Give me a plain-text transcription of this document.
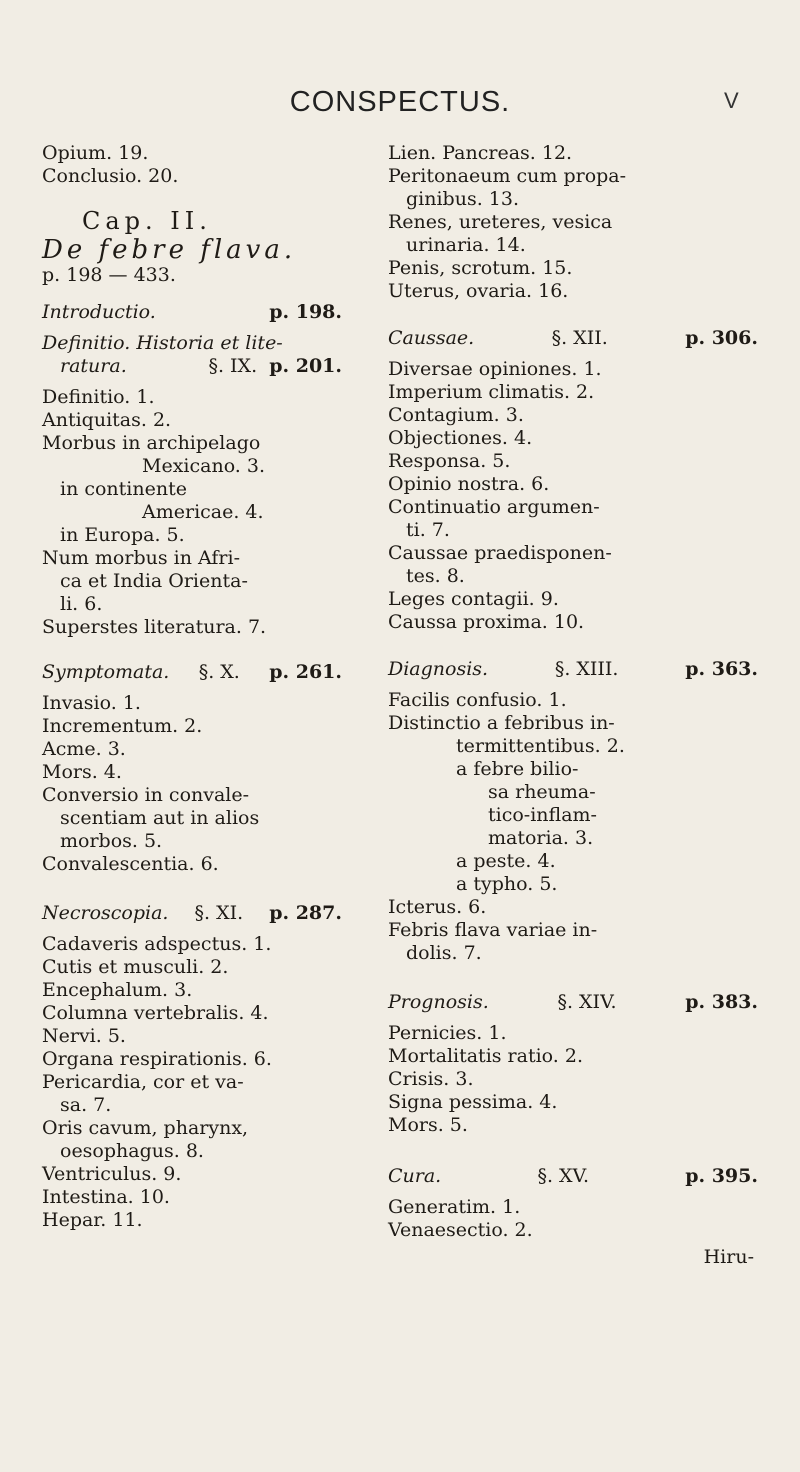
CONSPECTUS.	V
Opium. 19.
Conclusio. 20.
Cap. II.
De febre flava.
p. 198 — 433.
Introductio.	p. 198.
Definitio. Historia et lite-
ratura.	§. IX. p. 201.
Definitio. 1.
Antiquitas. 2.
Morbus in archipelago
Mexicano. 3.
in continente
Americae. 4.
in Europa. 5.
Num morbus in Afri-
ca et India Orienta-
li. 6.
Superstes literatura. 7.
Symptomata. §. X. p. 261.
Invasio. 1.
Incrementum. 2.
Acme. 3.
Mors. 4.
Conversio in convale-
scentiam aut in alios
morbos. 5.
Convalescentia. 6.
Necroscopia. §. XI. p. 287.
Cadaveris adspectus. 1.
Cutis et musculi. 2.
Encephalum. 3.
Columna vertebralis. 4.
Nervi. 5.
Organa respirationis. 6.
Pericardia, cor et va-
sa. 7.
Oris cavum, pharynx,
oesophagus. 8.
Ventriculus. 9.
Intestina. 10.
Hepar. 11.
Lien. Pancreas. 12.
Peritonaeum cum propa-
ginibus. 13.
Renes, ureteres, vesica
urinaria. 14.
Penis, scrotum. 15.
Uterus, ovaria. 16.
Caussae.	§. XII.	p. 306.
Diversae opiniones. 1.
Imperium climatis. 2.
Contagium. 3.
Objectiones. 4.
Responsa. 5.
Opinio nostra. 6.
Continuatio argumen-
ti. 7.
Caussae praedisponen-
tes. 8.
Leges contagii. 9.
Caussa proxima. 10.
Diagnosis.	§. XIII.	p. 363.
Facilis confusio. 1.
Distinctio a febribus in-
termittentibus. 2.
a febre bilio-
sa rheuma-
tico-inflam-
matoria. 3.
a peste. 4.
a typho. 5.
Icterus. 6.
Febris flava variae in-
dolis. 7.
Prognosis.	§. XIV.	p. 383.
Pernicies. 1.
Mortalitatis ratio. 2.
Crisis. 3.
Signa pessima. 4.
Mors. 5.
Cura.	§. XV.	p. 395.
Generatim. 1.
Venaesectio. 2.
Hiru-
